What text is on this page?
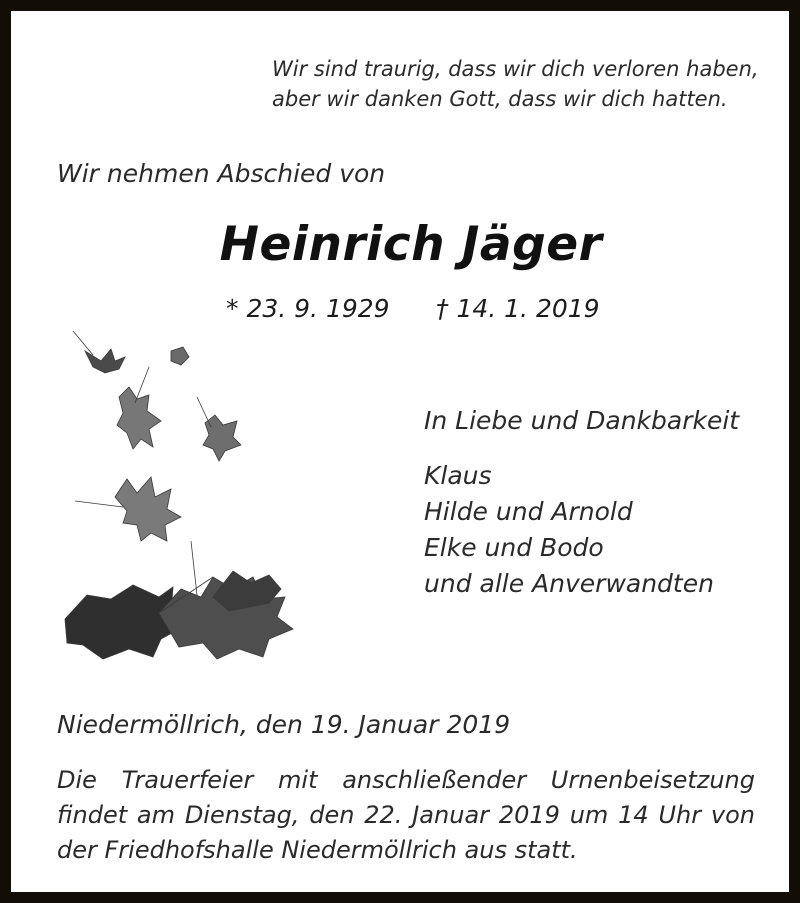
Wir sind traurig, dass wir dich verloren haben,
aber wir danken Gott, dass wir dich hatten.
Wir nehmen Abschied von
Heinrich Jäger
* 23. 9. 1929 † 14. 1. 2019
In Liebe und Dankbarkeit
Klaus
Hilde und Arnold
Elke und Bodo
und alle Anverwandten
Niedermöllrich, den 19. Januar 2019
Die Trauerfeier mit anschließender Urnenbeisetzung
findet am Dienstag, den 22. Januar 2019 um 14 Uhr von
der Friedhofshalle Niedermöllrich aus statt.
